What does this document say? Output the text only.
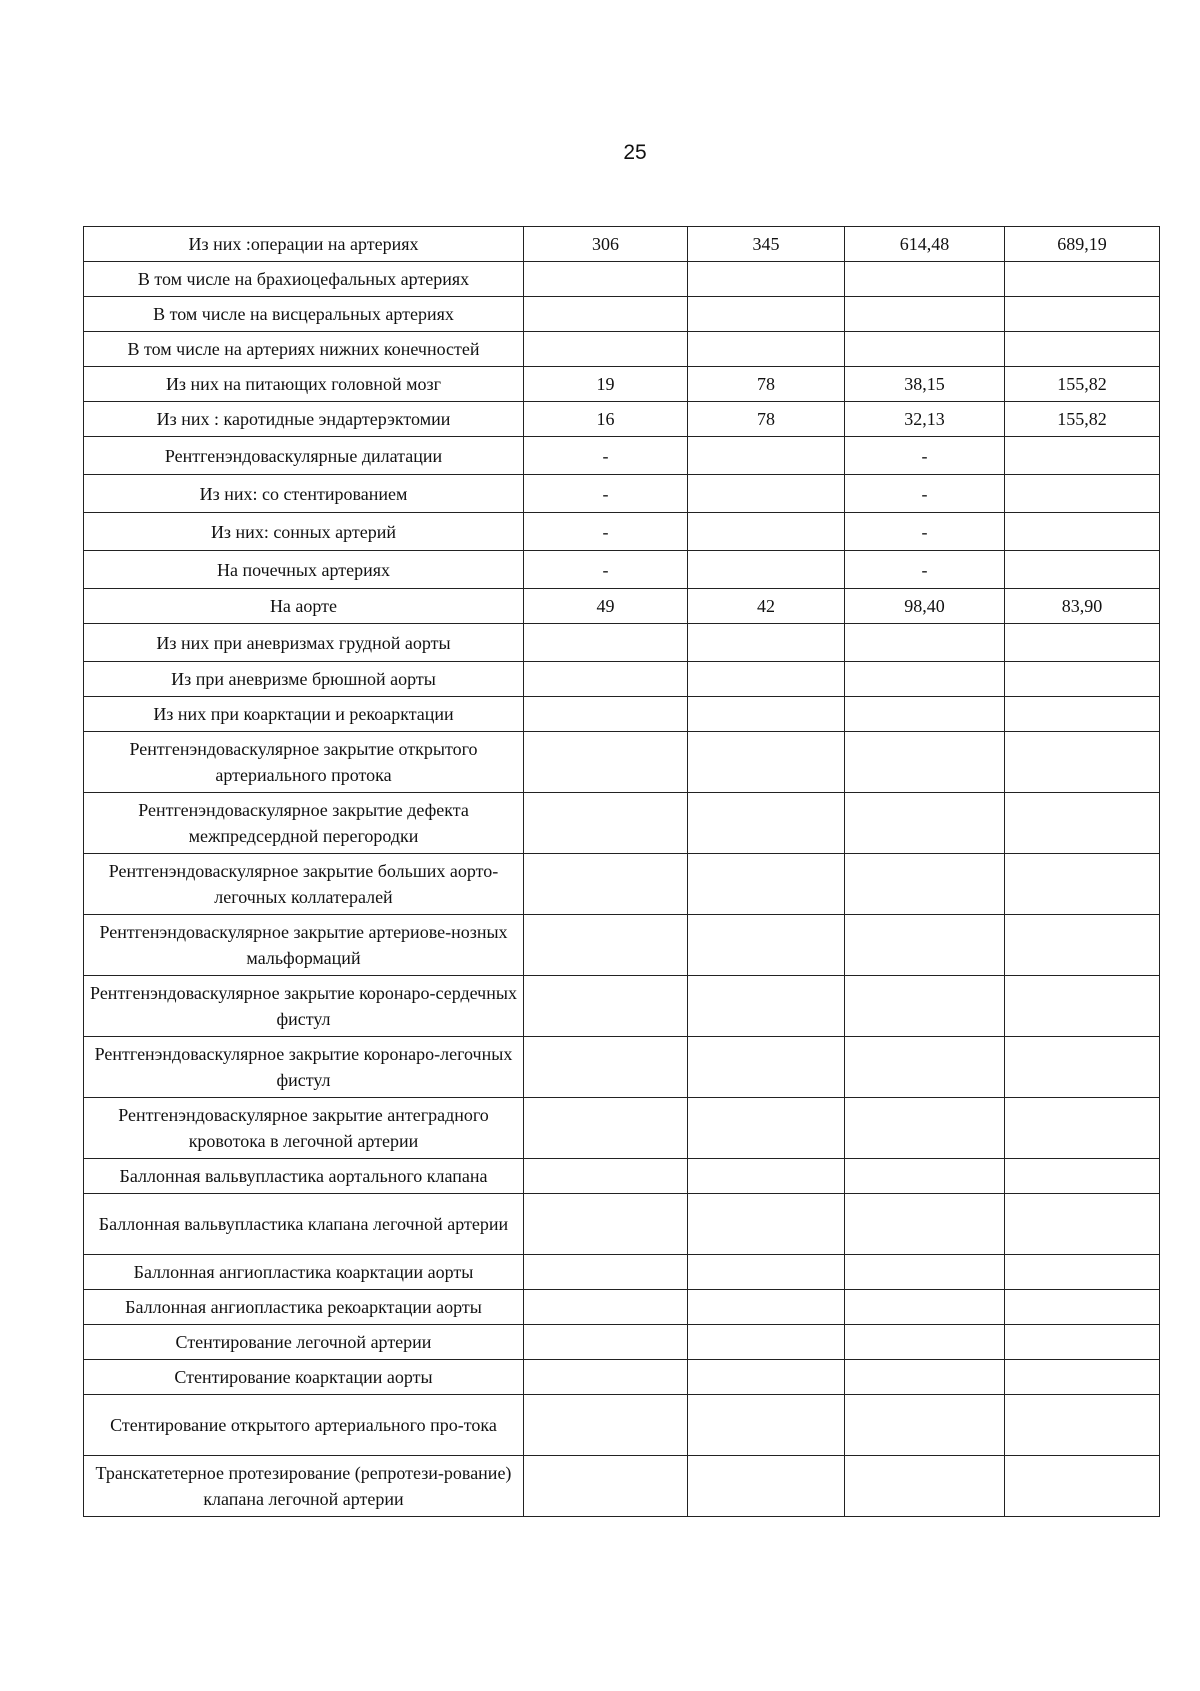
25
Из них :операции на артериях	306	345	614,48	689,19
В том числе на брахиоцефальных артериях				
В том числе на висцеральных артериях				
В том числе на артериях нижних конечностей				
Из них на питающих головной мозг	19	78	38,15	155,82
Из них : каротидные эндартерэктомии	16	78	32,13	155,82
Рентгенэндоваскулярные дилатации	-		-	
Из них: со стентированием	-		-	
Из них: сонных артерий	-		-	
На почечных артериях	-		-	
На аорте	49	42	98,40	83,90
Из них при аневризмах грудной аорты				
Из при аневризме брюшной аорты				
Из них при коарктации и рекоарктации				
Рентгенэндоваскулярное закрытие открытого артериального протока				
Рентгенэндоваскулярное закрытие дефекта межпредсердной перегородки				
Рентгенэндоваскулярное закрытие больших аорто-легочных коллатералей				
Рентгенэндоваскулярное закрытие артериове-нозных мальформаций				
Рентгенэндоваскулярное закрытие коронаро-сердечных фистул				
Рентгенэндоваскулярное закрытие коронаро-легочных фистул				
Рентгенэндоваскулярное закрытие антеградного кровотока в легочной артерии				
Баллонная вальвупластика аортального клапана				
Баллонная вальвупластика клапана легочной артерии				
Баллонная ангиопластика коарктации аорты				
Баллонная ангиопластика рекоарктации аорты				
Стентирование легочной артерии				
Стентирование коарктации аорты				
Стентирование открытого артериального про-тока				
Транскатетерное протезирование (репротези-рование) клапана легочной артерии				
